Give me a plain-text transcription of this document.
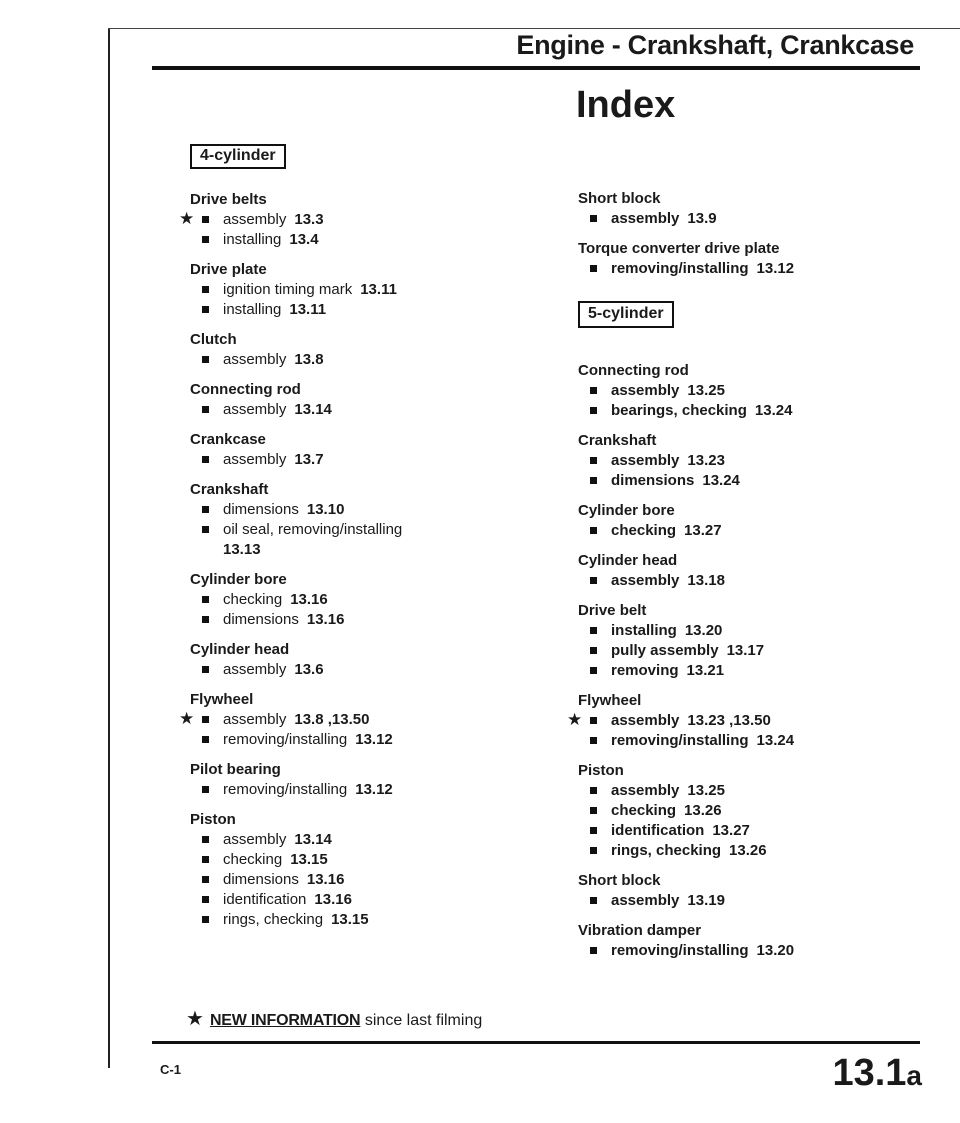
Engine - Crankshaft, Crankcase
Index
4-cylinder
Drive belts
★ assembly 13.3
installing 13.4
Drive plate
ignition timing mark 13.11
installing 13.11
Clutch
assembly 13.8
Connecting rod
assembly 13.14
Crankcase
assembly 13.7
Crankshaft
dimensions 13.10
oil seal, removing/installing
13.13
Cylinder bore
checking 13.16
dimensions 13.16
Cylinder head
assembly 13.6
Flywheel
★ assembly 13.8 ,13.50
removing/installing 13.12
Pilot bearing
removing/installing 13.12
Piston
assembly 13.14
checking 13.15
dimensions 13.16
identification 13.16
rings, checking 13.15
Short block
assembly 13.9
Torque converter drive plate
removing/installing 13.12
5-cylinder
Connecting rod
assembly 13.25
bearings, checking 13.24
Crankshaft
assembly 13.23
dimensions 13.24
Cylinder bore
checking 13.27
Cylinder head
assembly 13.18
Drive belt
installing 13.20
pully assembly 13.17
removing 13.21
Flywheel
★ assembly 13.23 ,13.50
removing/installing 13.24
Piston
assembly 13.25
checking 13.26
identification 13.27
rings, checking 13.26
Short block
assembly 13.19
Vibration damper
removing/installing 13.20
★ NEW INFORMATION since last filming
C-1	13.1a
